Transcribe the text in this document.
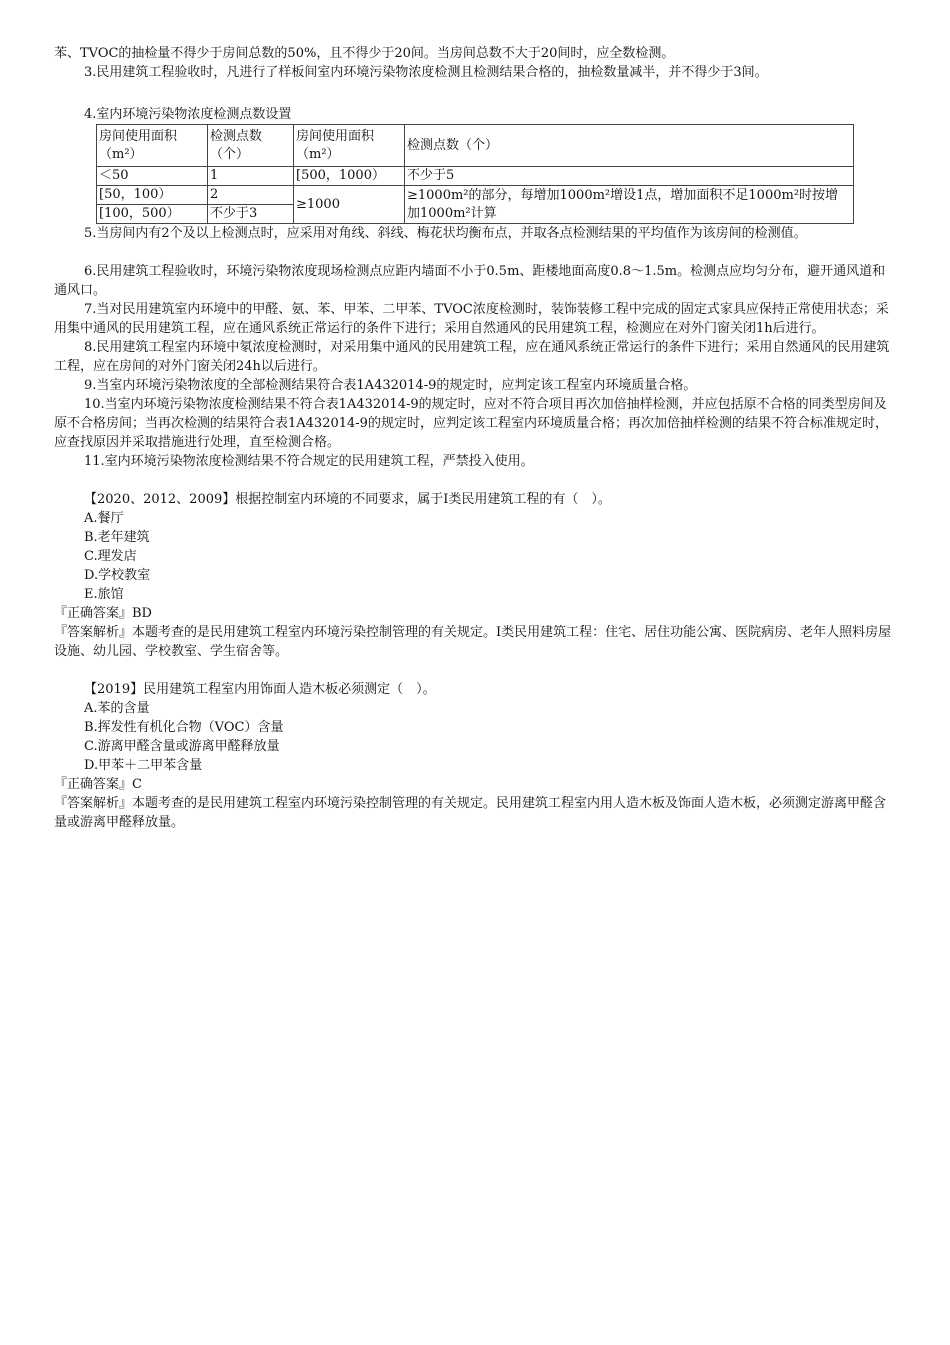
苯、TVOC的抽检量不得少于房间总数的50%，且不得少于20间。当房间总数不大于20间时，应全数检测。

3.民用建筑工程验收时，凡进行了样板间室内环境污染物浓度检测且检测结果合格的，抽检数量减半，并不得少于3间。

4.室内环境污染物浓度检测点数设置

房间使用面积（m²）	检测点数（个）	房间使用面积（m²）	检测点数（个）
＜50	1	[500，1000）	不少于5
[50，100）	2	≥1000	≥1000m²的部分，每增加1000m²增设1点，增加面积不足1000m²时按增加1000m²计算
[100，500）	不少于3		

5.当房间内有2个及以上检测点时，应采用对角线、斜线、梅花状均衡布点，并取各点检测结果的平均值作为该房间的检测值。

6.民用建筑工程验收时，环境污染物浓度现场检测点应距内墙面不小于0.5m、距楼地面高度0.8～1.5m。检测点应均匀分布，避开通风道和通风口。

7.当对民用建筑室内环境中的甲醛、氨、苯、甲苯、二甲苯、TVOC浓度检测时，装饰装修工程中完成的固定式家具应保持正常使用状态；采用集中通风的民用建筑工程，应在通风系统正常运行的条件下进行；采用自然通风的民用建筑工程，检测应在对外门窗关闭1h后进行。

8.民用建筑工程室内环境中氡浓度检测时，对采用集中通风的民用建筑工程，应在通风系统正常运行的条件下进行；采用自然通风的民用建筑工程，应在房间的对外门窗关闭24h以后进行。

9.当室内环境污染物浓度的全部检测结果符合表1A432014-9的规定时，应判定该工程室内环境质量合格。

10.当室内环境污染物浓度检测结果不符合表1A432014-9的规定时，应对不符合项目再次加倍抽样检测，并应包括原不合格的同类型房间及原不合格房间；当再次检测的结果符合表1A432014-9的规定时，应判定该工程室内环境质量合格；再次加倍抽样检测的结果不符合标准规定时，应查找原因并采取措施进行处理，直至检测合格。

11.室内环境污染物浓度检测结果不符合规定的民用建筑工程，严禁投入使用。

【2020、2012、2009】根据控制室内环境的不同要求，属于I类民用建筑工程的有（　）。

A.餐厅

B.老年建筑

C.理发店

D.学校教室

E.旅馆

『正确答案』BD

『答案解析』本题考查的是民用建筑工程室内环境污染控制管理的有关规定。I类民用建筑工程：住宅、居住功能公寓、医院病房、老年人照料房屋设施、幼儿园、学校教室、学生宿舍等。

【2019】民用建筑工程室内用饰面人造木板必须测定（　）。

A.苯的含量

B.挥发性有机化合物（VOC）含量

C.游离甲醛含量或游离甲醛释放量

D.甲苯＋二甲苯含量

『正确答案』C

『答案解析』本题考查的是民用建筑工程室内环境污染控制管理的有关规定。民用建筑工程室内用人造木板及饰面人造木板，必须测定游离甲醛含量或游离甲醛释放量。
